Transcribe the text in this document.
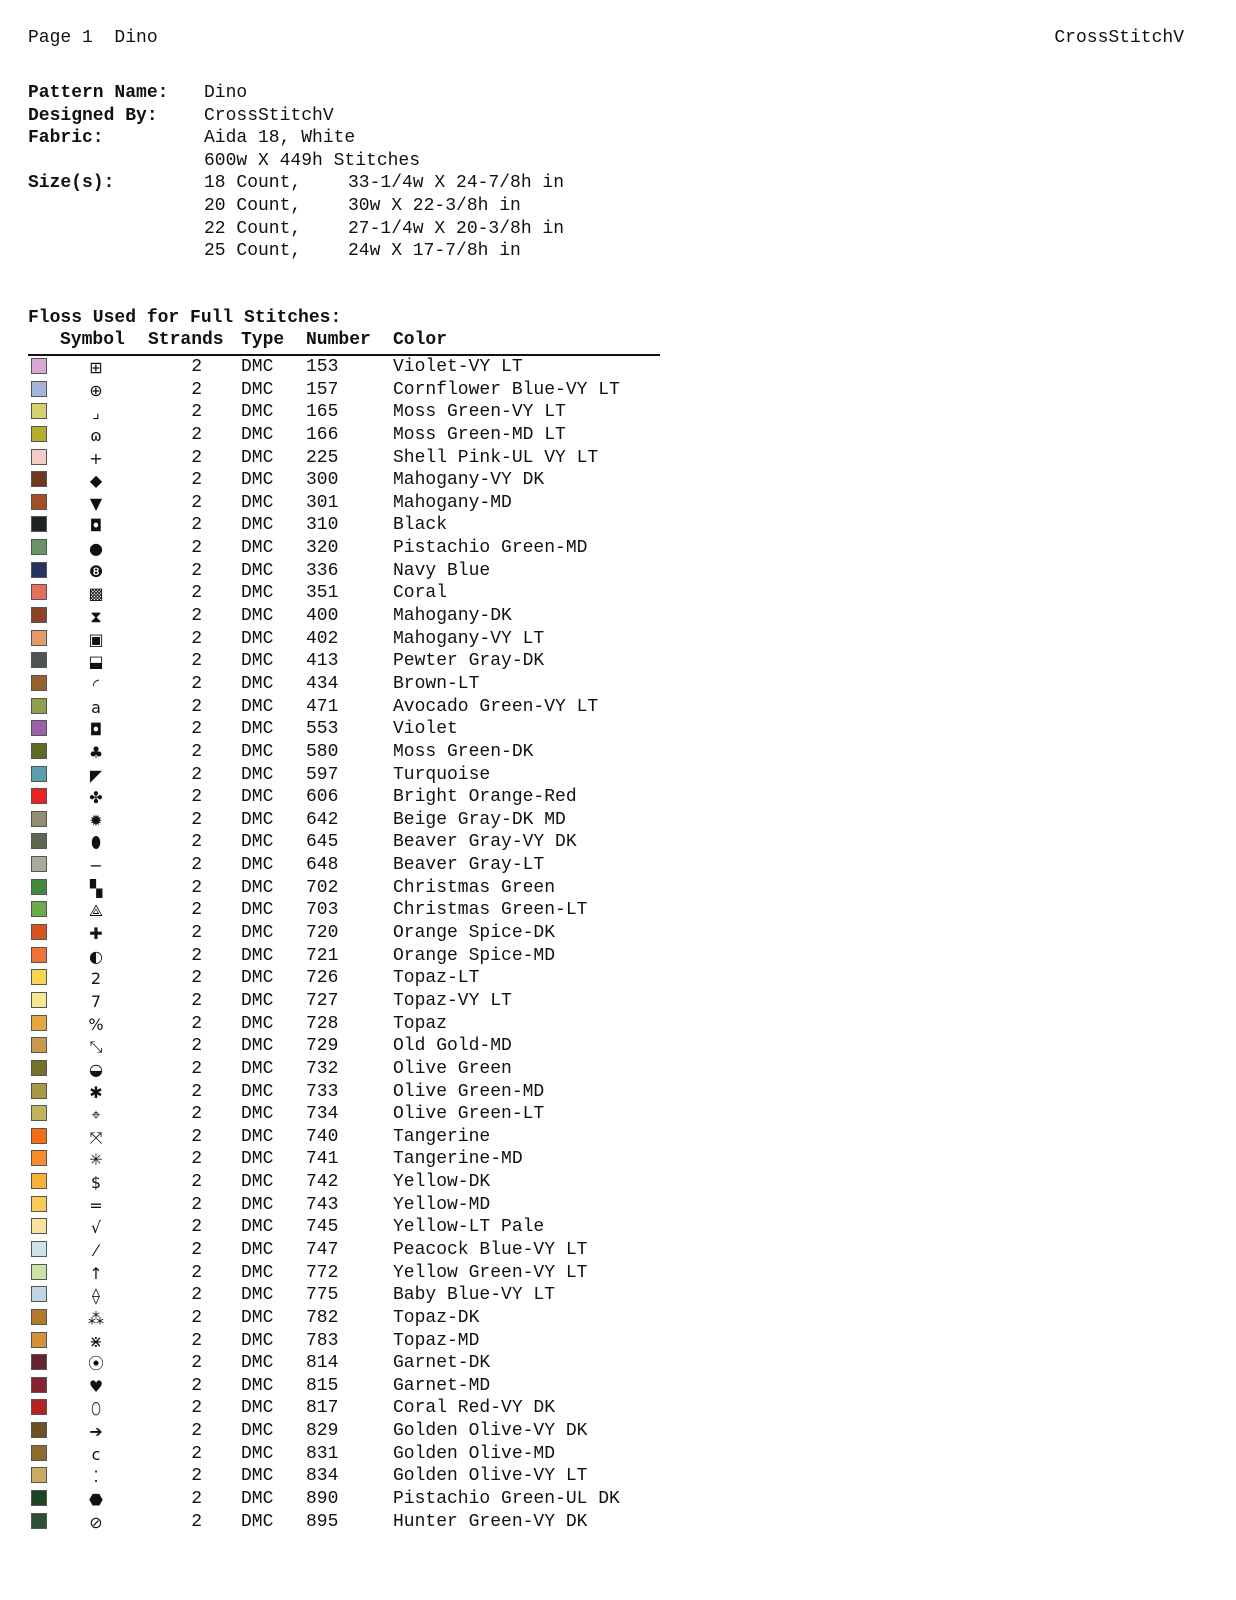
Page 1  Dino	CrossStitchV
Pattern Name:	Dino
Designed By:	CrossStitchV
Fabric:	Aida 18, White
600w X 449h Stitches
Size(s):	18 Count,	33-1/4w X 24-7/8h in
20 Count,	30w X 22-3/8h in
22 Count,	27-1/4w X 20-3/8h in
25 Count,	24w X 17-7/8h in
Floss Used for Full Stitches:
Symbol Strands Type Number Color
⊞	2 DMC 153	Violet-VY LT
⊕	2 DMC 157	Cornflower Blue-VY LT
⌟	2 DMC 165	Moss Green-VY LT
ɷ	2 DMC 166	Moss Green-MD LT
+	2 DMC 225	Shell Pink-UL VY LT
◆	2 DMC 300	Mahogany-VY DK
▼	2 DMC 301	Mahogany-MD
◘	2 DMC 310	Black
●	2 DMC 320	Pistachio Green-MD
❽	2 DMC 336	Navy Blue
▩	2 DMC 351	Coral
⧗	2 DMC 400	Mahogany-DK
▣	2 DMC 402	Mahogany-VY LT
⬓	2 DMC 413	Pewter Gray-DK
◜	2 DMC 434	Brown-LT
a	2 DMC 471	Avocado Green-VY LT
◘	2 DMC 553	Violet
♣	2 DMC 580	Moss Green-DK
◤	2 DMC 597	Turquoise
✤	2 DMC 606	Bright Orange-Red
✹	2 DMC 642	Beige Gray-DK MD
⬮	2 DMC 645	Beaver Gray-VY DK
−	2 DMC 648	Beaver Gray-LT
▚	2 DMC 702	Christmas Green
⟁	2 DMC 703	Christmas Green-LT
✚	2 DMC 720	Orange Spice-DK
◐	2 DMC 721	Orange Spice-MD
2	2 DMC 726	Topaz-LT
7	2 DMC 727	Topaz-VY LT
%	2 DMC 728	Topaz
⤡	2 DMC 729	Old Gold-MD
◒	2 DMC 732	Olive Green
✱	2 DMC 733	Olive Green-MD
⌖	2 DMC 734	Olive Green-LT
⤧	2 DMC 740	Tangerine
✳	2 DMC 741	Tangerine-MD
$	2 DMC 742	Yellow-DK
=	2 DMC 743	Yellow-MD
√	2 DMC 745	Yellow-LT Pale
⁄	2 DMC 747	Peacock Blue-VY LT
↑	2 DMC 772	Yellow Green-VY LT
⟠	2 DMC 775	Baby Blue-VY LT
⁂	2 DMC 782	Topaz-DK
⋇	2 DMC 783	Topaz-MD
⦿	2 DMC 814	Garnet-DK
♥	2 DMC 815	Garnet-MD
⬯	2 DMC 817	Coral Red-VY DK
➔	2 DMC 829	Golden Olive-VY DK
c	2 DMC 831	Golden Olive-MD
⁚	2 DMC 834	Golden Olive-VY LT
⬣	2 DMC 890	Pistachio Green-UL DK
⊘	2 DMC 895	Hunter Green-VY DK
